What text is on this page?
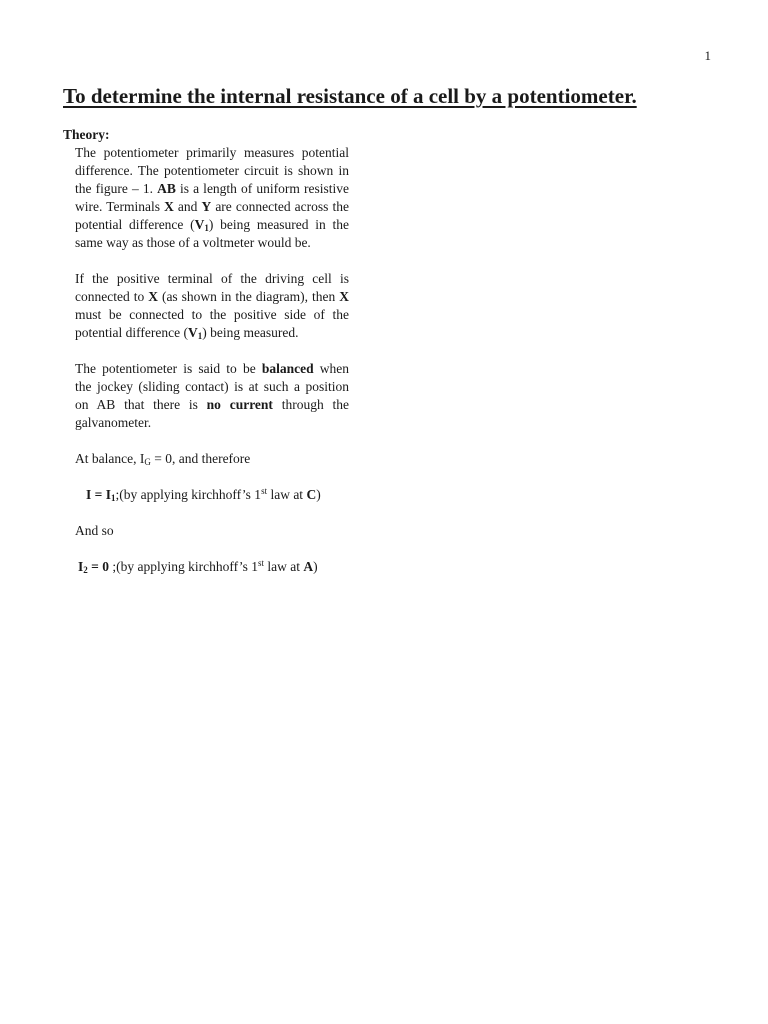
1
To determine the internal resistance of a cell by a potentiometer.
Theory:

The potentiometer primarily measures potential difference. The potentiometer circuit is shown in the figure – 1. AB is a length of uniform resistive wire. Terminals X and Y are connected across the potential difference $(V_1)$ being measured in the same way as those of a voltmeter would be.

If the positive terminal of the driving cell is connected to X (as shown in the diagram), then X must be connected to the positive side of the potential difference $(V_1)$ being measured.

The potentiometer is said to be balanced when the jockey (sliding contact) is at such a position on AB that there is no current through the galvanometer.

At balance, $I_G = 0$, and therefore

$I = I_1;(by$ applying kirchhoff’s 1st law at C)

And so

$I_2 = 0$ ;(by applying kirchhoff’s 1st law at A)
